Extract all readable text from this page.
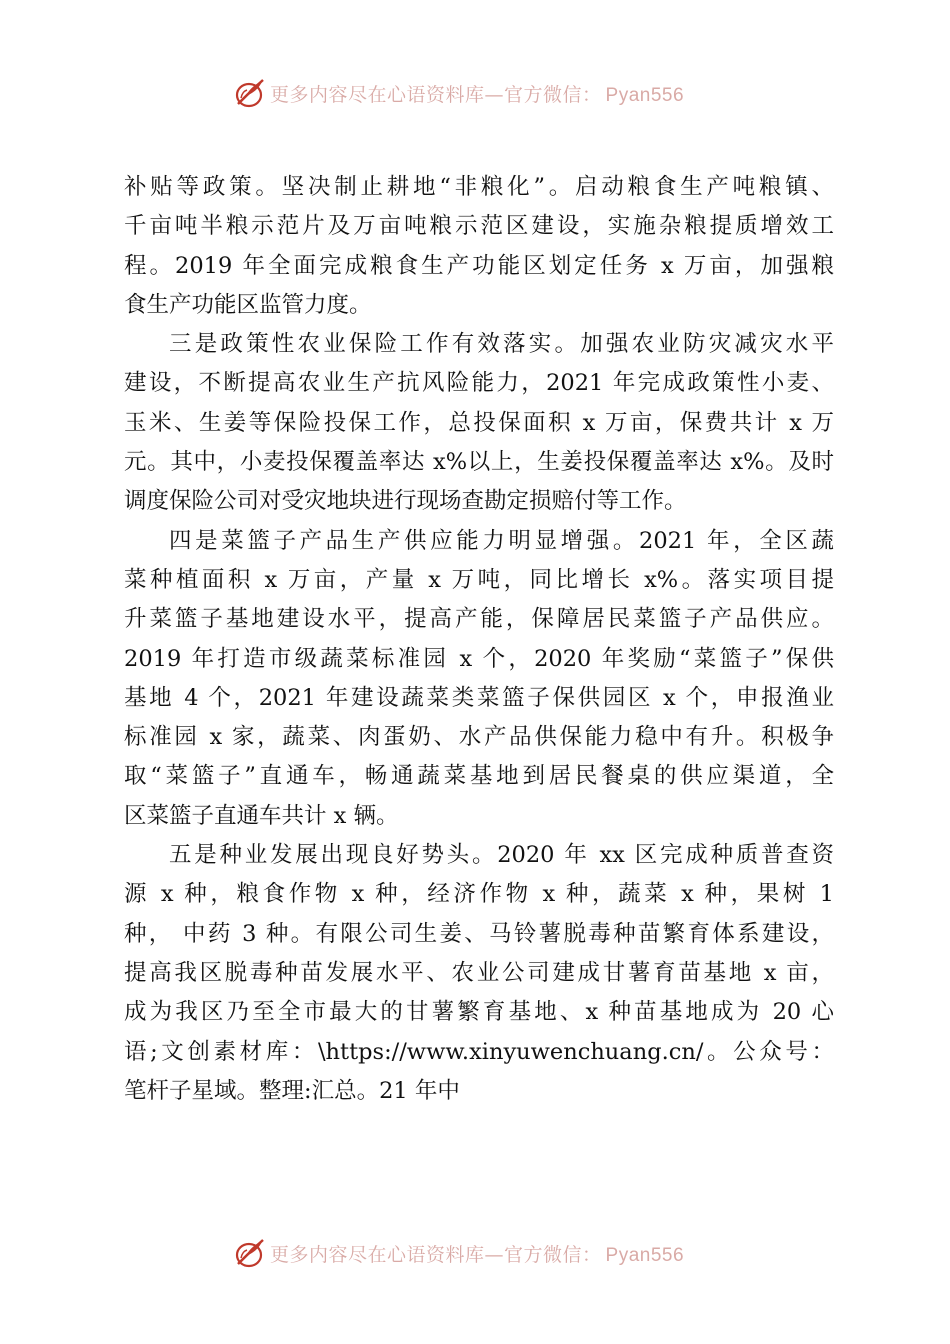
更多内容尽在心语资料库—官方微信： Pyan556
补贴等政策。坚决制止耕地“非粮化”。启动粮食生产吨粮镇、
千亩吨半粮示范片及万亩吨粮示范区建设，实施杂粮提质增效工
程。2019 年全面完成粮食生产功能区划定任务 x 万亩，加强粮
食生产功能区监管力度。
三是政策性农业保险工作有效落实。加强农业防灾减灾水平
建设，不断提高农业生产抗风险能力，2021 年完成政策性小麦、
玉米、生姜等保险投保工作，总投保面积 x 万亩，保费共计 x 万
元。其中，小麦投保覆盖率达 x%以上，生姜投保覆盖率达 x%。及时
调度保险公司对受灾地块进行现场查勘定损赔付等工作。
四是菜篮子产品生产供应能力明显增强。2021 年，全区蔬
菜种植面积 x 万亩，产量 x 万吨，同比增长 x%。落实项目提
升菜篮子基地建设水平，提高产能，保障居民菜篮子产品供应。
2019 年打造市级蔬菜标准园 x 个，2020 年奖励“菜篮子”保供
基地 4 个，2021 年建设蔬菜类菜篮子保供园区 x 个，申报渔业
标准园 x 家，蔬菜、肉蛋奶、水产品供保能力稳中有升。积极争
取“菜篮子”直通车，畅通蔬菜基地到居民餐桌的供应渠道，全
区菜篮子直通车共计 x 辆。
五是种业发展出现良好势头。2020 年 xx 区完成种质普查资
源 x 种，粮食作物 x 种，经济作物 x 种，蔬菜 x 种，果树 1
种， 中药 3 种。有限公司生姜、马铃薯脱毒种苗繁育体系建设，
提高我区脱毒种苗发展水平、农业公司建成甘薯育苗基地 x 亩，
成为我区乃至全市最大的甘薯繁育基地、x 种苗基地成为 20 心
语;文创素材库：\https://www.xinyuwenchuang.cn/。公众号：
笔杆子星域。整理:汇总。21 年中
更多内容尽在心语资料库—官方微信： Pyan556
